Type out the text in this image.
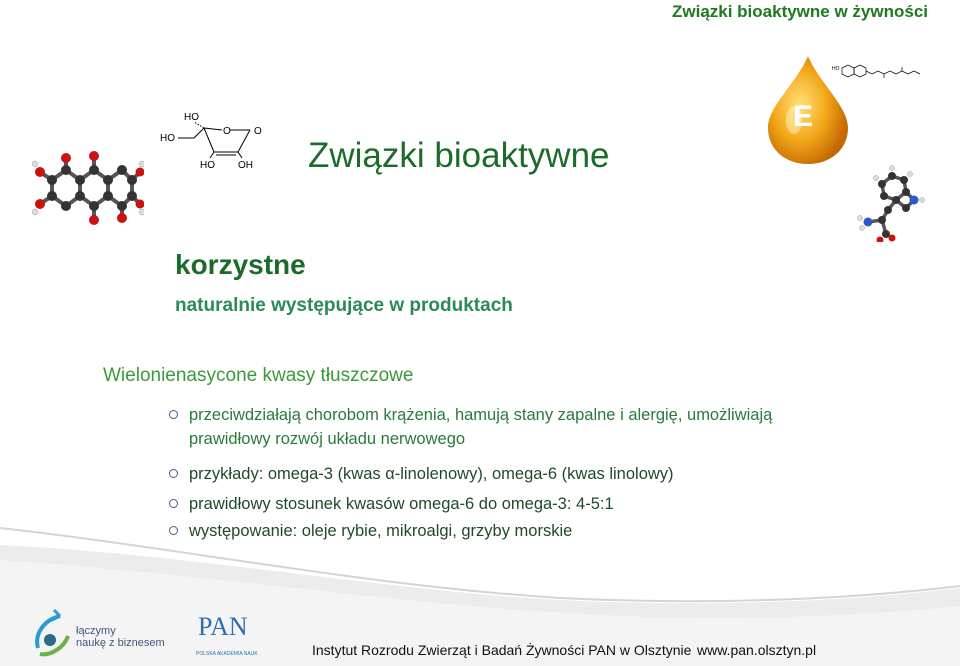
Związki bioaktywne w żywności
HO
HO
O O
HO OH Związki bioaktywne
E
HO
korzystne
naturalnie występujące w produktach
Wielonienasycone kwasy tłuszczowe
przeciwdziałają chorobom krążenia, hamują stany zapalne i alergię, umożliwiają
prawidłowy rozwój układu nerwowego
przykłady: omega-3 (kwas α-linolenowy), omega-6 (kwas linolowy)
prawidłowy stosunek kwasów omega-6 do omega-3: 4-5:1
występowanie: oleje rybie, mikroalgi, grzyby morskie
łączymy
naukę z biznesem
PAN
POLSKA AKADEMIA NAUK	Instytut Rozrodu Zwierząt i Badań Żywności PAN w Olsztynie www.pan.olsztyn.pl
